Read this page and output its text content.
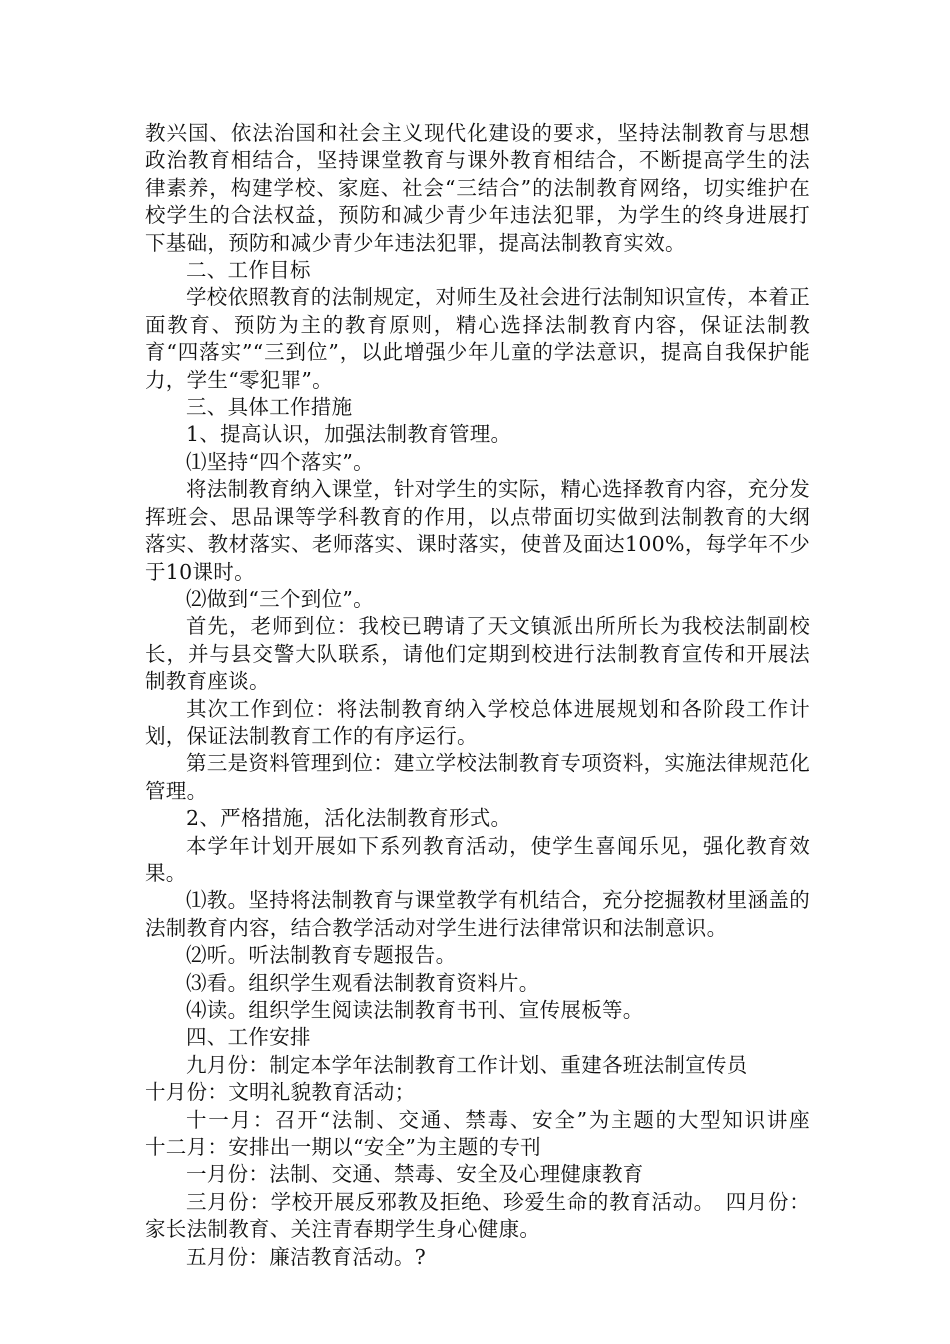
教兴国、依法治国和社会主义现代化建设的要求，坚持法制教育与思想政治教育相结合，坚持课堂教育与课外教育相结合，不断提高学生的法律素养，构建学校、家庭、社会“三结合”的法制教育网络，切实维护在校学生的合法权益，预防和减少青少年违法犯罪，为学生的终身进展打下基础，预防和减少青少年违法犯罪，提高法制教育实效。

二、工作目标

学校依照教育的法制规定，对师生及社会进行法制知识宣传，本着正面教育、预防为主的教育原则，精心选择法制教育内容，保证法制教育“四落实”“三到位”，以此增强少年儿童的学法意识，提高自我保护能力，学生“零犯罪”。

三、具体工作措施

1、提高认识，加强法制教育管理。

⑴坚持“四个落实”。

将法制教育纳入课堂，针对学生的实际，精心选择教育内容，充分发挥班会、思品课等学科教育的作用，以点带面切实做到法制教育的大纲落实、教材落实、老师落实、课时落实，使普及面达100%，每学年不少于10课时。

⑵做到“三个到位”。

首先，老师到位：我校已聘请了天文镇派出所所长为我校法制副校长，并与县交警大队联系，请他们定期到校进行法制教育宣传和开展法制教育座谈。

其次工作到位：将法制教育纳入学校总体进展规划和各阶段工作计划，保证法制教育工作的有序运行。

第三是资料管理到位：建立学校法制教育专项资料，实施法律规范化管理。

2、严格措施，活化法制教育形式。

本学年计划开展如下系列教育活动，使学生喜闻乐见，强化教育效果。

⑴教。坚持将法制教育与课堂教学有机结合，充分挖掘教材里涵盖的法制教育内容，结合教学活动对学生进行法律常识和法制意识。

⑵听。听法制教育专题报告。

⑶看。组织学生观看法制教育资料片。

⑷读。组织学生阅读法制教育书刊、宣传展板等。

四、工作安排

九月份：制定本学年法制教育工作计划、重建各班法制宣传员

十月份：文明礼貌教育活动；

十一月：召开“法制、交通、禁毒、安全”为主题的大型知识讲座　十二月：安排出一期以“安全”为主题的专刊

一月份：法制、交通、禁毒、安全及心理健康教育

三月份：学校开展反邪教及拒绝、珍爱生命的教育活动。　四月份：家长法制教育、关注青春期学生身心健康。

五月份：廉洁教育活动。?
